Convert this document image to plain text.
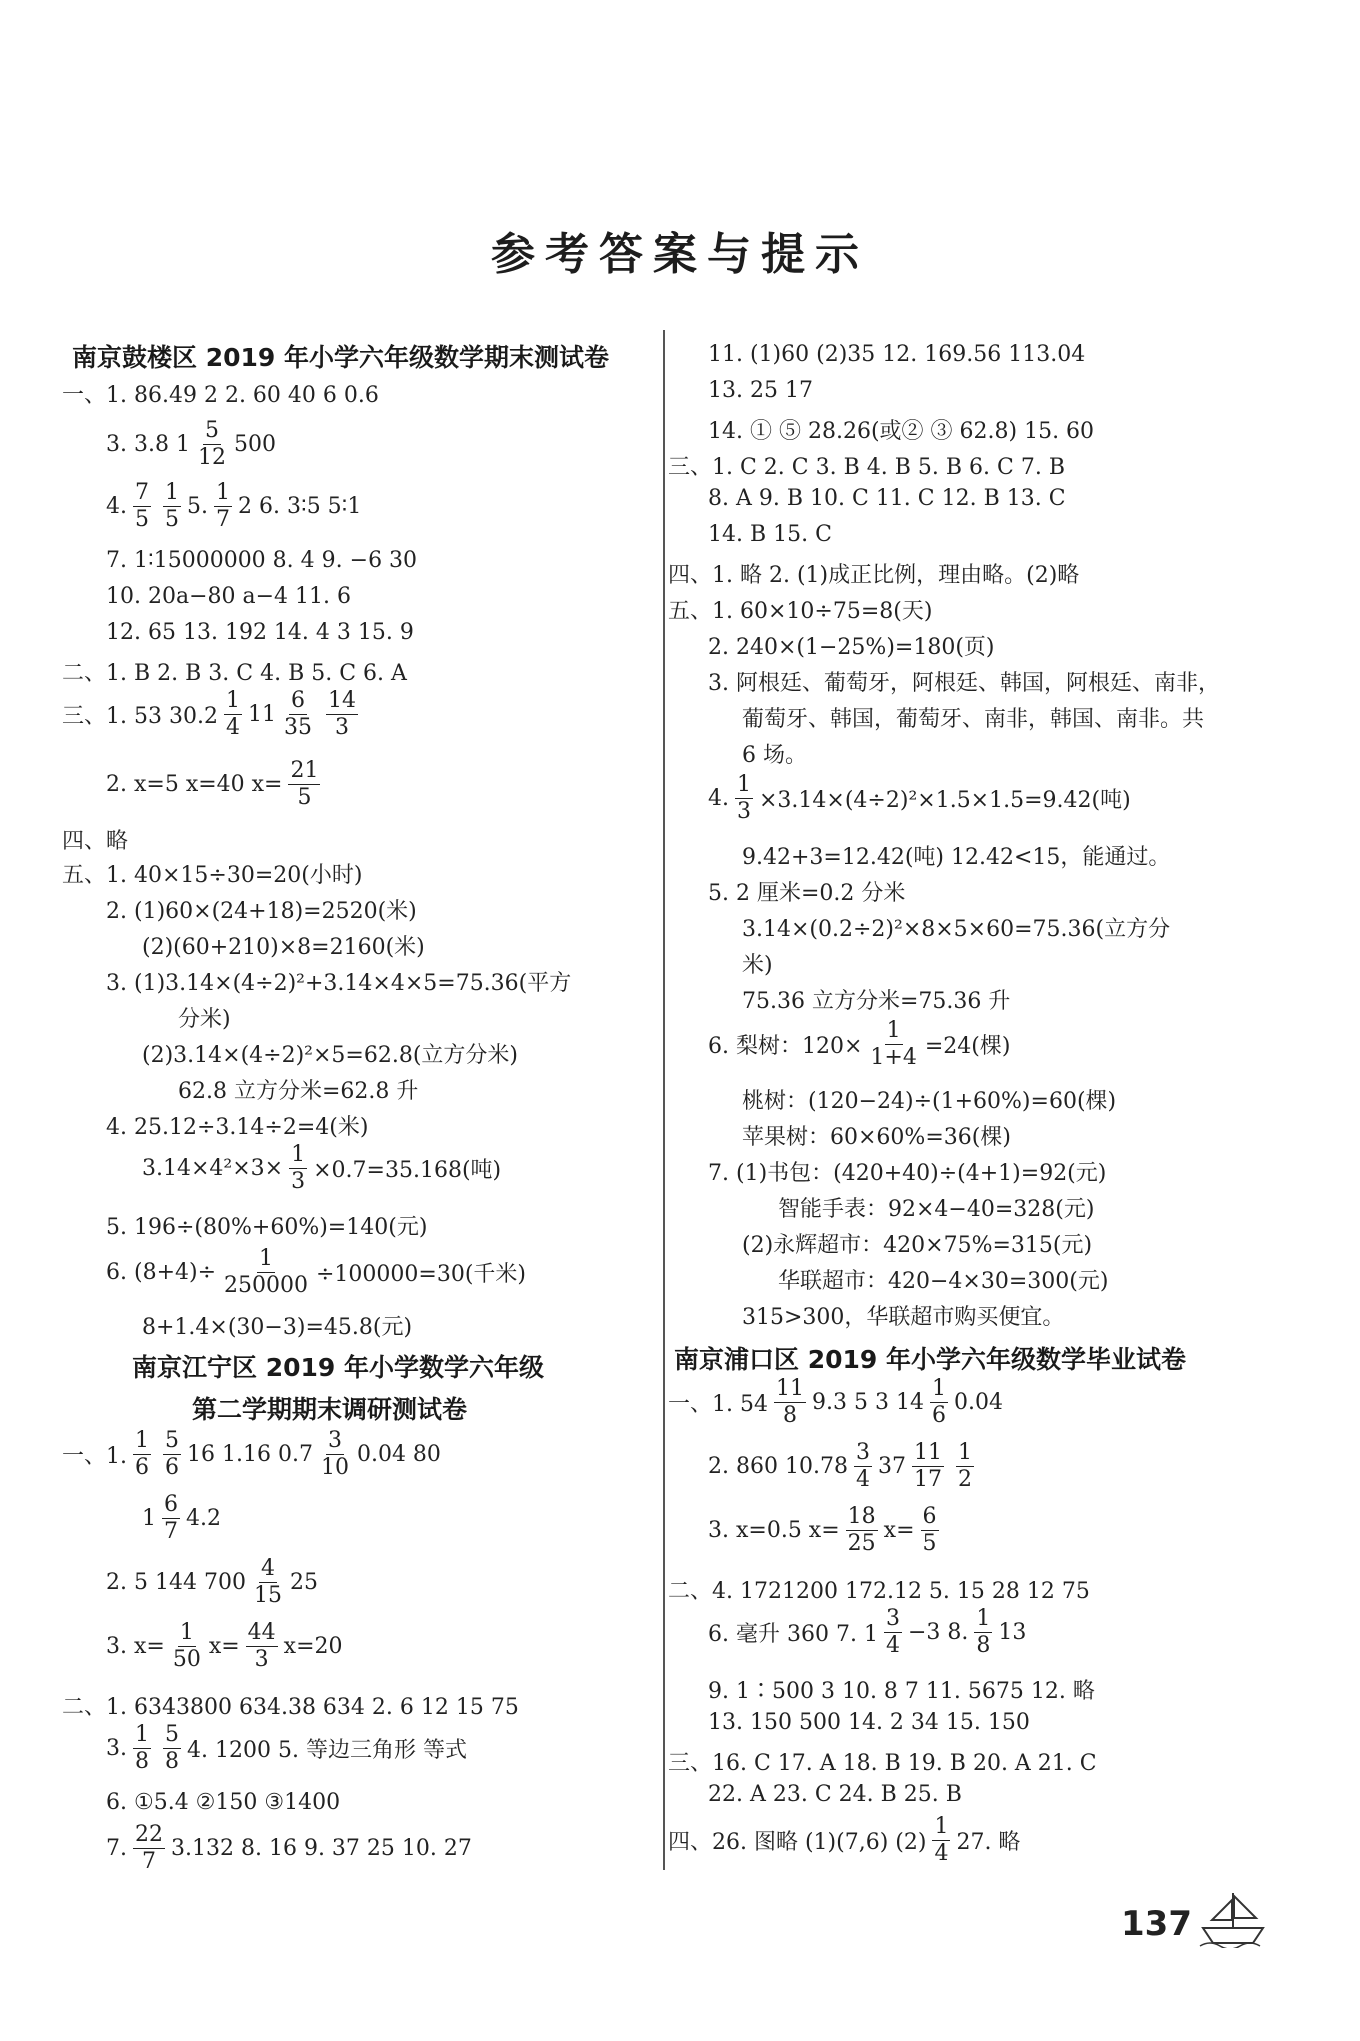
参考答案与提示
南京鼓楼区 2019 年小学六年级数学期末测试卷
一、1. 86.49 2 2. 60 40 6 0.6
3. 3.8 $1 \frac{5}{12} 500$
4. $\frac{7}{5} \frac{1}{5} 5$. $\frac{1}{7} 2$ 6. 3∶5 5∶1
7. 1∶15000000 8. 4 9. −6 30
10. 20a−80 a−4 11. 6
12. 65 13. 192 14. 4 3 15. 9
二、1. B 2. B 3. C 4. B 5. C 6. A
三、1. 53 $30.2 \frac{1}{4} 11 \frac{6}{35} \frac{14}{3}$
2. x=5 x=40 $x= \frac{21}{5}$
四、略
五、1. 40×15÷30=20(小时)
2. (1)60×(24+18)=2520(米)
(2)(60+210)×8=2160(米)
3. (1)3.14×(4÷2)²+3.14×4×5=75.36(平方
分米)
(2)3.14×(4÷2)²×5=62.8(立方分米)
62.8 立方分米=62.8 升
4. 25.12÷3.14÷2=4(米)
$3.14\times 4^2\times 3\times \frac{1}{3} \times 0.7=35.168$(吨)
5. 196÷(80%+60%)=140(元)
6. $(8+4)\div \frac{1}{250000} \div 100000=30$(千米)
8+1.4×(30−3)=45.8(元)
南京江宁区 2019 年小学数学六年级
第二学期期末调研测试卷
一、1. $\frac{1}{6} \frac{5}{6} 16$ 1.16 $0.7 \frac{3}{10} 0.04$ 80
$1 \frac{6}{7} 4.2$
2. 5 144 $700 \frac{4}{15} 25$
3. $x= \frac{1}{50} x= \frac{44}{3} x=20$
二、1. 6343800 634.38 634 2. 6 12 15 75
3. $\frac{1}{8} \frac{5}{8} 4$. 1200 5. 等边三角形 等式
6. ①5.4 ②150 ③1400
7. $\frac{22}{7} 3.132$ 8. 16 9. 37 25 10. 27
11. (1)60 (2)35 12. 169.56 113.04
13. 25 17
14. ① ⑤ 28.26(或② ③ 62.8) 15. 60
三、1. C 2. C 3. B 4. B 5. B 6. C 7. B
8. A 9. B 10. C 11. C 12. B 13. C
14. B 15. C
四、1. 略 2. (1)成正比例，理由略。(2)略
五、1. 60×10÷75=8(天)
2. 240×(1−25%)=180(页)
3. 阿根廷、葡萄牙，阿根廷、韩国，阿根廷、南非，
葡萄牙、韩国，葡萄牙、南非，韩国、南非。共
6 场。
4. $\frac{1}{3} \times 3.14\times(4\div 2)^2\times 1.5\times 1.5=9.42$(吨)
9.42+3=12.42(吨) 12.42<15，能通过。
5. 2 厘米=0.2 分米
3.14×(0.2÷2)²×8×5×60=75.36(立方分
米)
75.36 立方分米=75.36 升
6. 梨树：$120\times \frac{1}{1+4} =24$(棵)
桃树：(120−24)÷(1+60%)=60(棵)
苹果树：60×60%=36(棵)
7. (1)书包：(420+40)÷(4+1)=92(元)
智能手表：92×4−40=328(元)
(2)永辉超市：420×75%=315(元)
华联超市：420−4×30=300(元)
315>300，华联超市购买便宜。
南京浦口区 2019 年小学六年级数学毕业试卷
一、1. $54 \frac{11}{8} 9.3$ 5 3 $14 \frac{1}{6} 0.04$
2. 860 $10.78 \frac{3}{4} 37 \frac{11}{17} \frac{1}{2}$
3. x=0.5 $x= \frac{18}{25} x= \frac{6}{5}$
二、4. 1721200 172.12 5. 15 28 12 75
6. 毫升 360 7. $1 \frac{3}{4} -3$ 8. $\frac{1}{8} 13$
9. 1∶500 3 10. 8 7 11. 5675 12. 略
13. 150 500 14. 2 34 15. 150
三、16. C 17. A 18. B 19. B 20. A 21. C
22. A 23. C 24. B 25. B
四、26. 图略 (1)(7,6) $(2) \frac{1}{4} 27$. 略
137
